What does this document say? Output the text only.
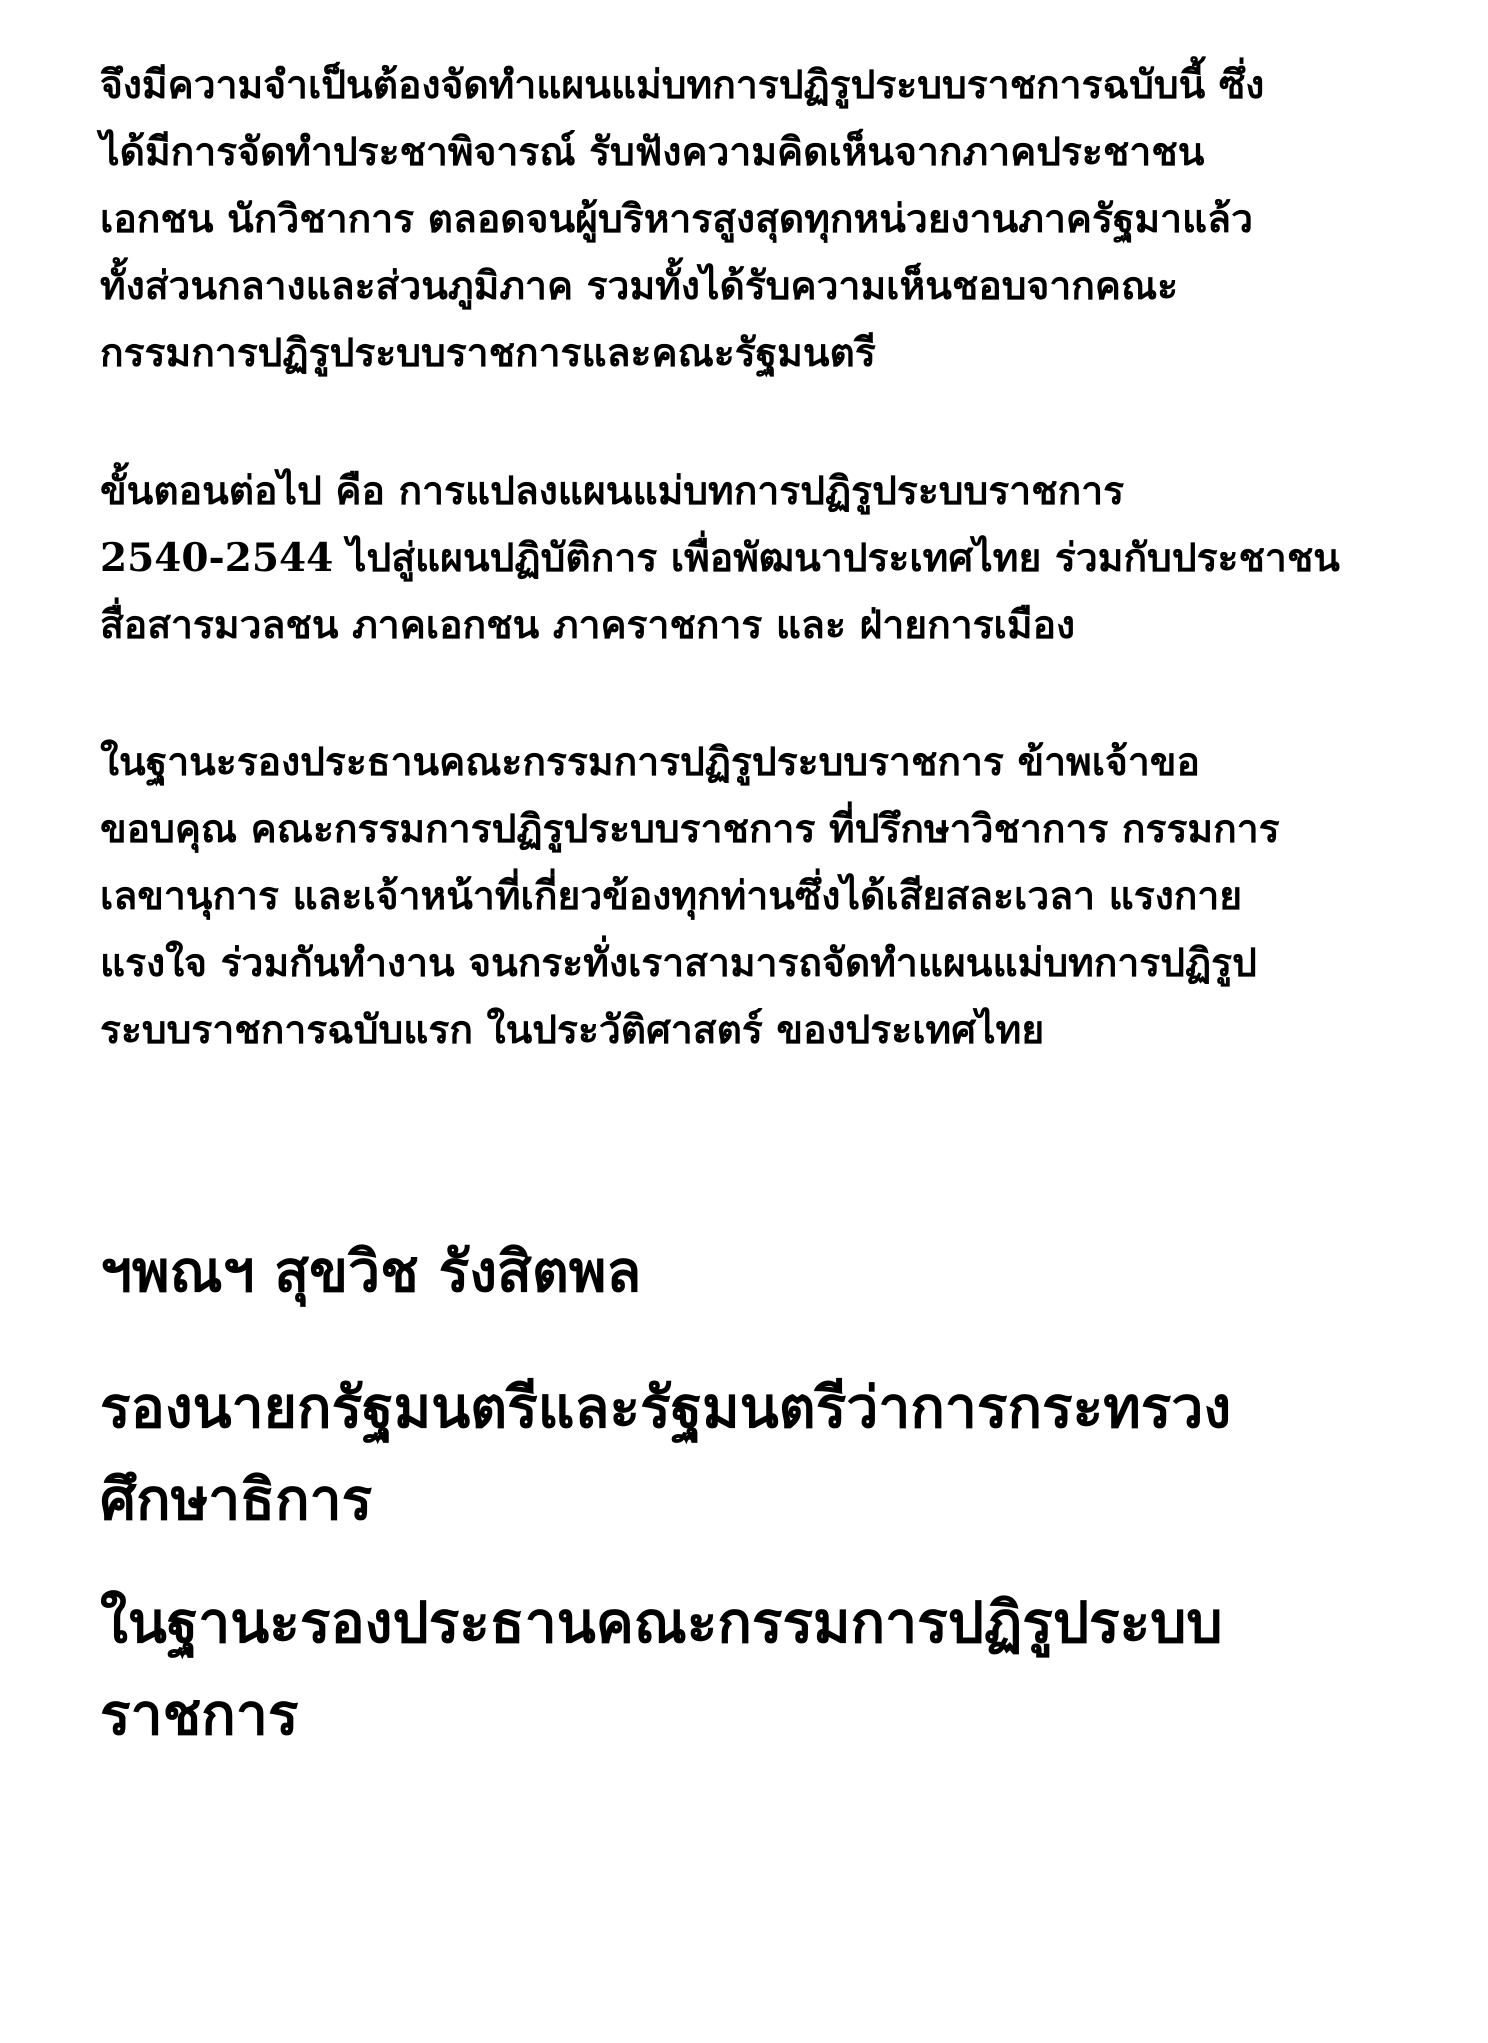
จึงมีความจำเป็นต้องจัดทำแผนแม่บทการปฏิรูประบบราชการฉบับนี้ ซึ่ง
ได้มีการจัดทำประชาพิจารณ์ รับฟังความคิดเห็นจากภาคประชาชน
เอกชน นักวิชาการ ตลอดจนผู้บริหารสูงสุดทุกหน่วยงานภาครัฐมาแล้ว
ทั้งส่วนกลางและส่วนภูมิภาค รวมทั้งได้รับความเห็นชอบจากคณะ
กรรมการปฏิรูประบบราชการและคณะรัฐมนตรี
ขั้นตอนต่อไป คือ การแปลงแผนแม่บทการปฏิรูประบบราชการ
2540-2544 ไปสู่แผนปฏิบัติการ เพื่อพัฒนาประเทศไทย ร่วมกับประชาชน
สื่อสารมวลชน ภาคเอกชน ภาคราชการ และ ฝ่ายการเมือง
ในฐานะรองประธานคณะกรรมการปฏิรูประบบราชการ ข้าพเจ้าขอ
ขอบคุณ คณะกรรมการปฏิรูประบบราชการ ที่ปรึกษาวิชาการ กรรมการ
เลขานุการ และเจ้าหน้าที่เกี่ยวข้องทุกท่านซึ่งได้เสียสละเวลา แรงกาย
แรงใจ ร่วมกันทำงาน จนกระทั่งเราสามารถจัดทำแผนแม่บทการปฏิรูป
ระบบราชการฉบับแรก ในประวัติศาสตร์ ของประเทศไทย
ฯพณฯ สุขวิช รังสิตพล
รองนายกรัฐมนตรีและรัฐมนตรีว่าการกระทรวง
ศึกษาธิการ
ในฐานะรองประธานคณะกรรมการปฏิรูประบบ
ราชการ
